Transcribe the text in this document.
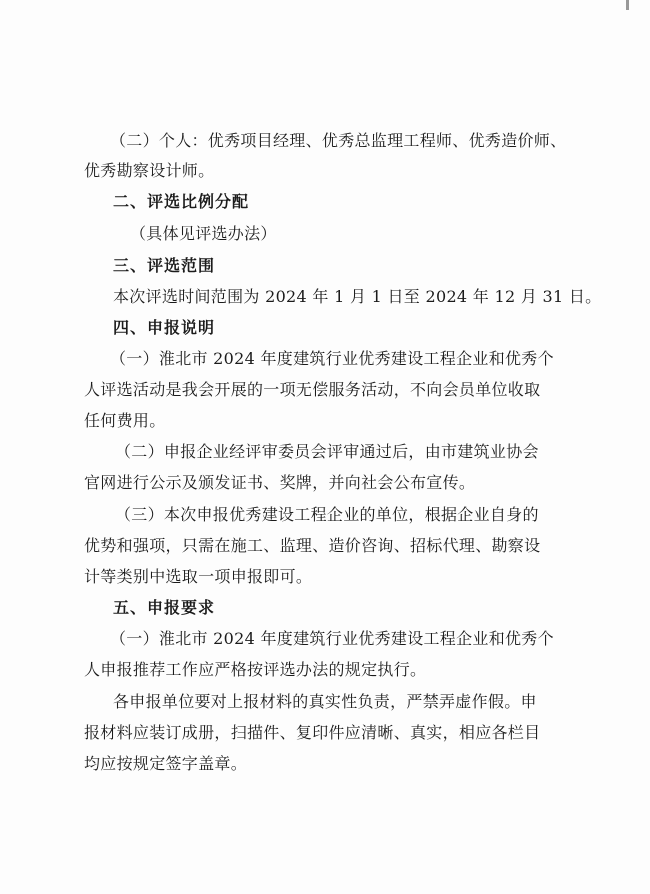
（二）个人：优秀项目经理、优秀总监理工程师、优秀造价师、
优秀勘察设计师。
二、评选比例分配
（具体见评选办法）
三、评选范围
本次评选时间范围为 2024 年 1 月 1 日至 2024 年 12 月 31 日。
四、申报说明
（一）淮北市 2024 年度建筑行业优秀建设工程企业和优秀个
人评选活动是我会开展的一项无偿服务活动，不向会员单位收取
任何费用。
（二）申报企业经评审委员会评审通过后，由市建筑业协会
官网进行公示及颁发证书、奖牌，并向社会公布宣传。
（三）本次申报优秀建设工程企业的单位，根据企业自身的
优势和强项，只需在施工、监理、造价咨询、招标代理、勘察设
计等类别中选取一项申报即可。
五、申报要求
（一）淮北市 2024 年度建筑行业优秀建设工程企业和优秀个
人申报推荐工作应严格按评选办法的规定执行。
各申报单位要对上报材料的真实性负责，严禁弄虚作假。申
报材料应装订成册，扫描件、复印件应清晰、真实，相应各栏目
均应按规定签字盖章。
